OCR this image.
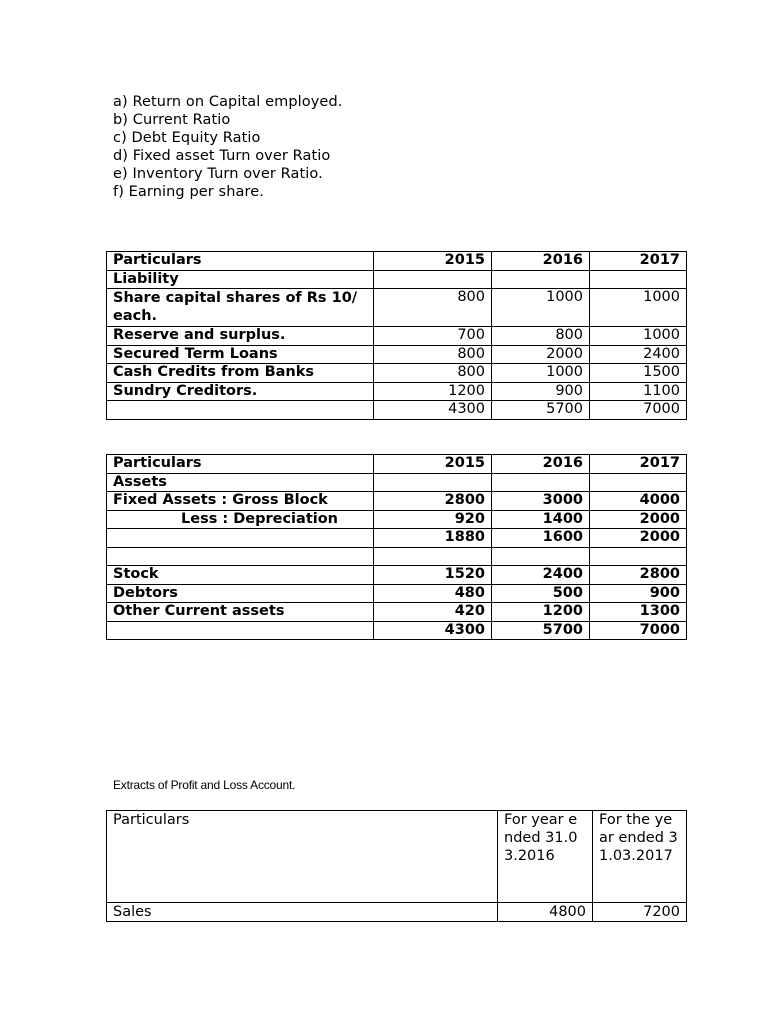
a) Return on Capital employed.
b) Current Ratio
c) Debt Equity Ratio
d) Fixed asset Turn over Ratio
e) Inventory Turn over Ratio.
f) Earning per share.
Particulars	2015	2016	2017
Liability			
Share capital shares of Rs 10/ each.	800	1000	1000
Reserve and surplus.	700	800	1000
Secured Term Loans	800	2000	2400
Cash Credits from Banks	800	1000	1500
Sundry Creditors.	1200	900	1100
	4300	5700	7000
Particulars	2015	2016	2017
Assets			
Fixed Assets : Gross Block	2800	3000	4000
Less : Depreciation	920	1400	2000
	1880	1600	2000

Stock	1520	2400	2800
Debtors	480	500	900
Other Current assets	420	1200	1300
	4300	5700	7000
Extracts of Profit and Loss Account.
Particulars	For year ended 31.03.2016	For the year ended 31.03.2017
Sales	4800	7200
